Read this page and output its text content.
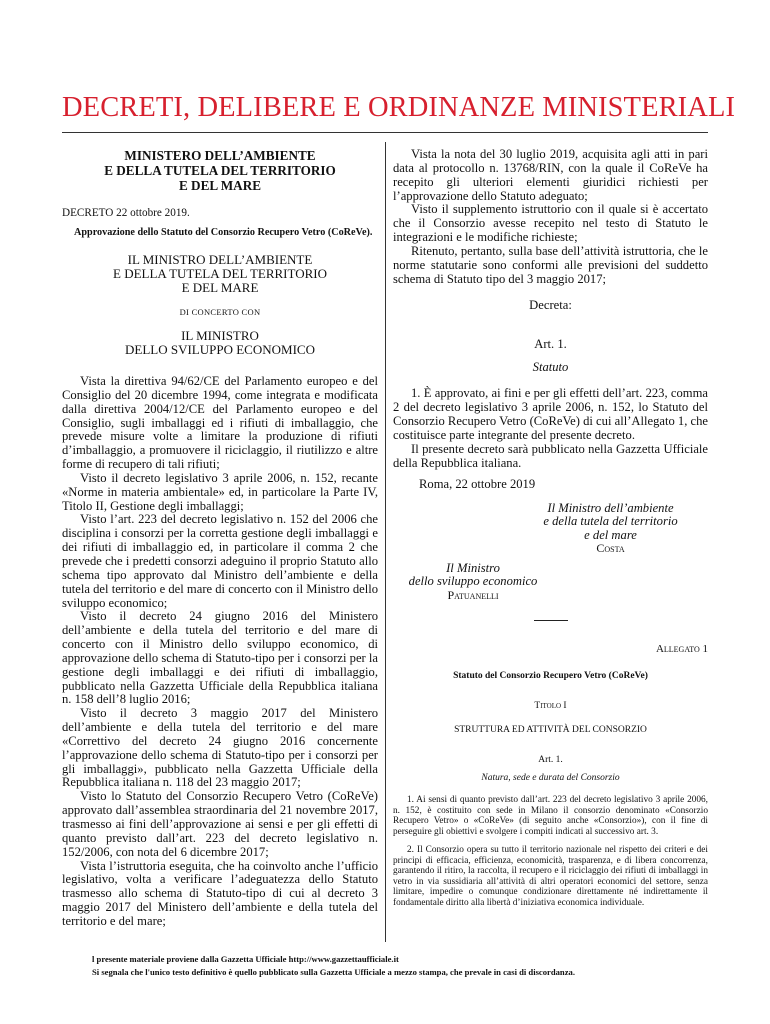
DECRETI, DELIBERE E ORDINANZE MINISTERIALI
MINISTERO DELL’AMBIENTE
E DELLA TUTELA DEL TERRITORIO
E DEL MARE

DECRETO 22 ottobre 2019.

Approvazione dello Statuto del Consorzio Recupero Vetro (CoReVe).

IL MINISTRO DELL’AMBIENTE
E DELLA TUTELA DEL TERRITORIO
E DEL MARE
DI CONCERTO CON
IL MINISTRO
DELLO SVILUPPO ECONOMICO

Vista la direttiva 94/62/CE del Parlamento europeo e del Consiglio del 20 dicembre 1994, come integrata e modificata dalla direttiva 2004/12/CE del Parlamento europeo e del Consiglio, sugli imballaggi ed i rifiuti di imballaggio, che prevede misure volte a limitare la produzione di rifiuti d’imballaggio, a promuovere il riciclaggio, il riutilizzo e altre forme di recupero di tali rifiuti;

Visto il decreto legislativo 3 aprile 2006, n. 152, recante «Norme in materia ambientale» ed, in particolare la Parte IV, Titolo II, Gestione degli imballaggi;

Visto l’art. 223 del decreto legislativo n. 152 del 2006 che disciplina i consorzi per la corretta gestione degli imballaggi e dei rifiuti di imballaggio ed, in particolare il comma 2 che prevede che i predetti consorzi adeguino il proprio Statuto allo schema tipo approvato dal Ministro dell’ambiente e della tutela del territorio e del mare di concerto con il Ministro dello sviluppo economico;

Visto il decreto 24 giugno 2016 del Ministero dell’ambiente e della tutela del territorio e del mare di concerto con il Ministro dello sviluppo economico, di approvazione dello schema di Statuto-tipo per i consorzi per la gestione degli imballaggi e dei rifiuti di imballaggio, pubblicato nella Gazzetta Ufficiale della Repubblica italiana n. 158 dell’8 luglio 2016;

Visto il decreto 3 maggio 2017 del Ministero dell’ambiente e della tutela del territorio e del mare «Correttivo del decreto 24 giugno 2016 concernente l’approvazione dello schema di Statuto-tipo per i consorzi per gli imballaggi», pubblicato nella Gazzetta Ufficiale della Repubblica italiana n. 118 del 23 maggio 2017;

Visto lo Statuto del Consorzio Recupero Vetro (CoReVe) approvato dall’assemblea straordinaria del 21 novembre 2017, trasmesso ai fini dell’approvazione ai sensi e per gli effetti di quanto previsto dall’art. 223 del decreto legislativo n. 152/2006, con nota del 6 dicembre 2017;

Vista l’istruttoria eseguita, che ha coinvolto anche l’ufficio legislativo, volta a verificare l’adeguatezza dello Statuto trasmesso allo schema di Statuto-tipo di cui al decreto 3 maggio 2017 del Ministero dell’ambiente e della tutela del territorio e del mare;

Vista la nota del 30 luglio 2019, acquisita agli atti in pari data al protocollo n. 13768/RIN, con la quale il CoReVe ha recepito gli ulteriori elementi giuridici richiesti per l’approvazione dello Statuto adeguato;

Visto il supplemento istruttorio con il quale si è accertato che il Consorzio avesse recepito nel testo di Statuto le integrazioni e le modifiche richieste;

Ritenuto, pertanto, sulla base dell’attività istruttoria, che le norme statutarie sono conformi alle previsioni del suddetto schema di Statuto tipo del 3 maggio 2017;

Decreta:

Art. 1.

Statuto

1. È approvato, ai fini e per gli effetti dell’art. 223, comma 2 del decreto legislativo 3 aprile 2006, n. 152, lo Statuto del Consorzio Recupero Vetro (CoReVe) di cui all’Allegato 1, che costituisce parte integrante del presente decreto.

Il presente decreto sarà pubblicato nella Gazzetta Ufficiale della Repubblica italiana.

Roma, 22 ottobre 2019

Il Ministro dell’ambiente
e della tutela del territorio
e del mare
Costa
Il Ministro
dello sviluppo economico
Patuanelli
Allegato 1
Statuto del Consorzio Recupero Vetro (CoReVe)
Titolo I
STRUTTURA ED ATTIVITÀ DEL CONSORZIO
Art. 1.
Natura, sede e durata del Consorzio

1. Ai sensi di quanto previsto dall’art. 223 del decreto legislativo 3 aprile 2006, n. 152, è costituito con sede in Milano il consorzio denominato «Consorzio Recupero Vetro» o «CoReVe» (di seguito anche «Consorzio»), con il fine di perseguire gli obiettivi e svolgere i compiti indicati al successivo art. 3.

2. Il Consorzio opera su tutto il territorio nazionale nel rispetto dei criteri e dei principi di efficacia, efficienza, economicità, trasparenza, e di libera concorrenza, garantendo il ritiro, la raccolta, il recupero e il riciclaggio dei rifiuti di imballaggi in vetro in via sussidiaria all’attività di altri operatori economici del settore, senza limitare, impedire o comunque condizionare direttamente né indirettamente il fondamentale diritto alla libertà d’iniziativa economica individuale.

l presente materiale proviene dalla Gazzetta Ufficiale http://www.gazzettaufficiale.it
Si segnala che l'unico testo definitivo è quello pubblicato sulla Gazzetta Ufficiale a mezzo stampa, che prevale in casi di discordanza.
